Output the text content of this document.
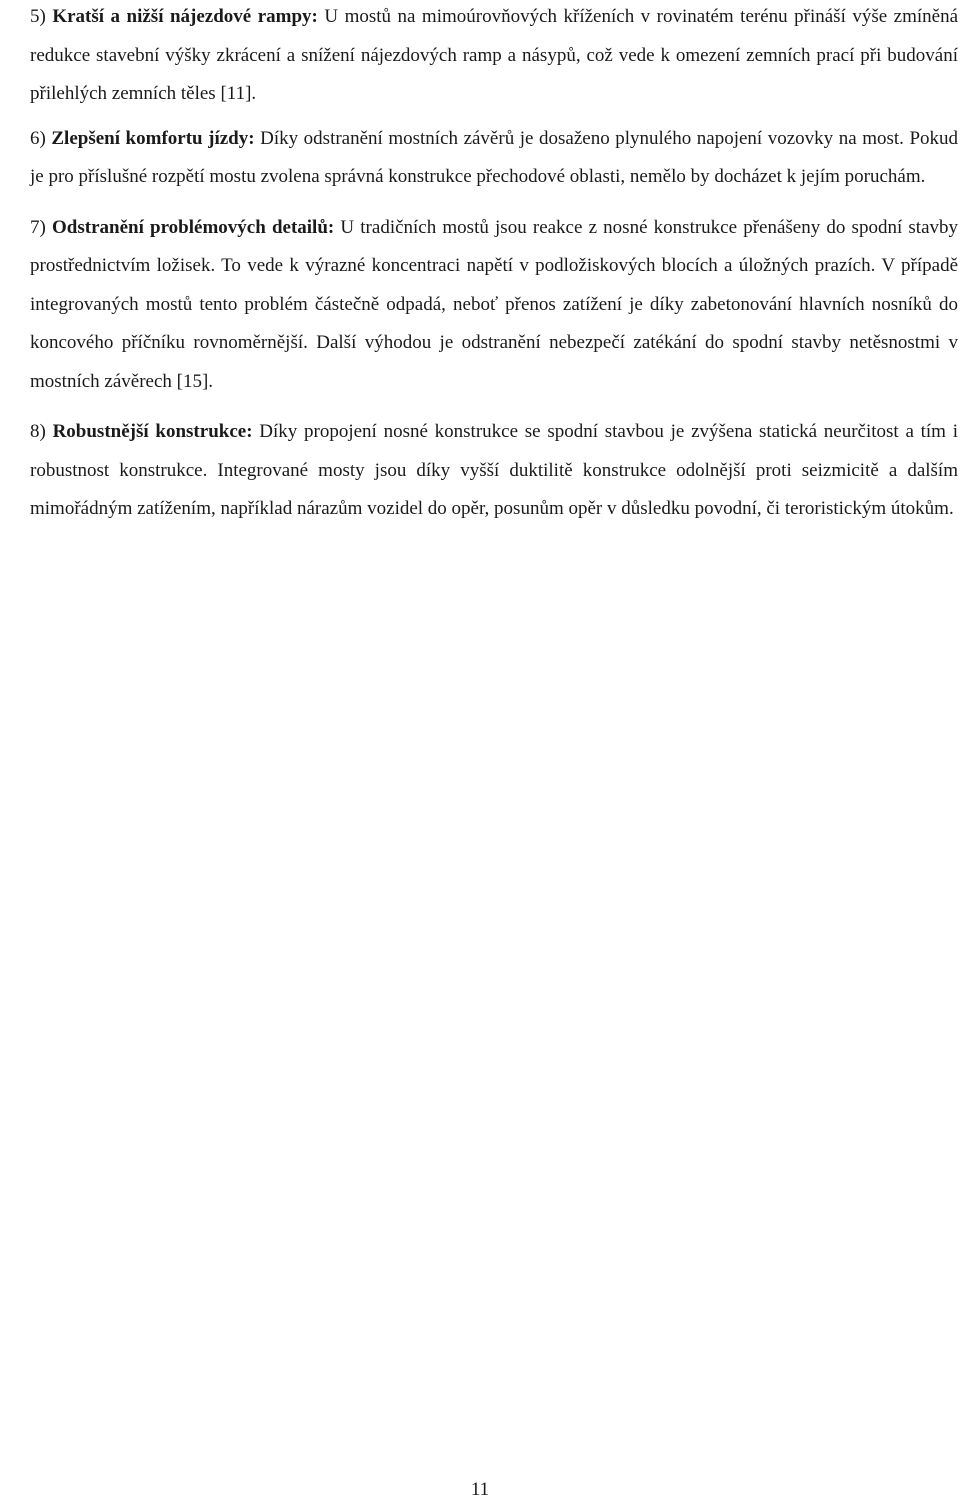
5) Kratší a nižší nájezdové rampy: U mostů na mimoúrovňových kříženích v rovinatém terénu přináší výše zmíněná redukce stavební výšky zkrácení a snížení nájezdových ramp a násypů, což vede k omezení zemních prací při budování přilehlých zemních těles [11].

6) Zlepšení komfortu jízdy: Díky odstranění mostních závěrů je dosaženo plynulého napojení vozovky na most. Pokud je pro příslušné rozpětí mostu zvolena správná konstrukce přechodové oblasti, nemělo by docházet k jejím poruchám.

7) Odstranění problémových detailů: U tradičních mostů jsou reakce z nosné konstrukce přenášeny do spodní stavby prostřednictvím ložisek. To vede k výrazné koncentraci napětí v podložiskových blocích a úložných prazích. V případě integrovaných mostů tento problém částečně odpadá, neboť přenos zatížení je díky zabetonování hlavních nosníků do koncového příčníku rovnoměrnější. Další výhodou je odstranění nebezpečí zatékání do spodní stavby netěsnostmi v mostních závěrech [15].

8) Robustnější konstrukce: Díky propojení nosné konstrukce se spodní stavbou je zvýšena statická neurčitost a tím i robustnost konstrukce. Integrované mosty jsou díky vyšší duktilitě konstrukce odolnější proti seizmicitě a dalším mimořádným zatížením, například nárazům vozidel do opěr, posunům opěr v důsledku povodní, či teroristickým útokům.

11
